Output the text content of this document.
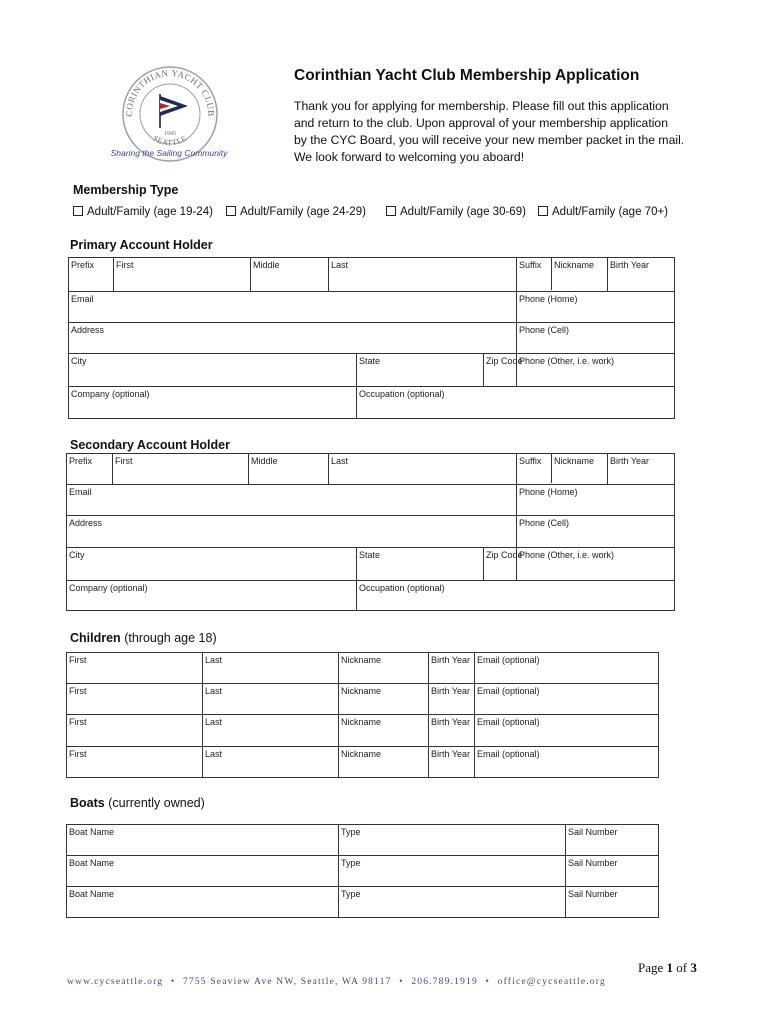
CORINTHIAN YACHT CLUB
SEATTLE
1945
Sharing the Sailing Community
Corinthian Yacht Club Membership Application
Thank you for applying for membership. Please fill out this application
and return to the club. Upon approval of your membership application
by the CYC Board, you will receive your new member packet in the mail.
We look forward to welcoming you aboard!
Membership Type
Adult/Family (age 19-24)	Adult/Family (age 24-29)	Adult/Family (age 30-69)	Adult/Family (age 70+)
Primary Account Holder
Prefix	First	Middle	Last			Suffix Nickname	Birth Year
Email						Phone (Home)	
Address						Phone (Cell)	
City				State	Zip Code	Phone (Other, i.e. work)	
Company (optional)				Occupation (optional)			
Secondary Account Holder
Prefix	First	Middle	Last			Suffix Nickname	Birth Year
Email						Phone (Home)	
Address						Phone (Cell)	
City				State	Zip Code	Phone (Other, i.e. work)	
Company (optional)				Occupation (optional)			
Children (through age 18)
First	Last	Nickname	Birth Year	Email (optional)
First	Last	Nickname	Birth Year	Email (optional)
First	Last	Nickname	Birth Year	Email (optional)
First	Last	Nickname	Birth Year	Email (optional)
Boats (currently owned)
Boat Name	Type	Sail Number
Boat Name	Type	Sail Number
Boat Name	Type	Sail Number
Page 1 of 3
www.cycseattle.org • 7755 Seaview Ave NW, Seattle, WA 98117 • 206.789.1919 • office@cycseattle.org
